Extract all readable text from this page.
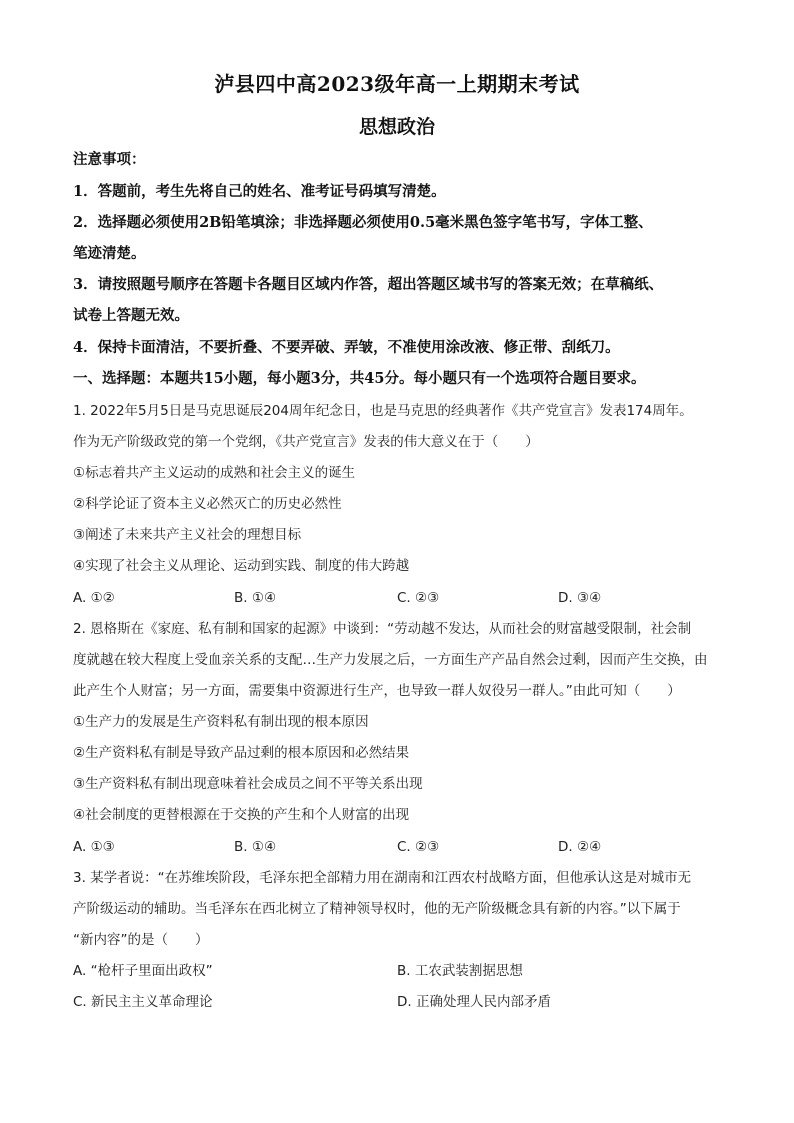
泸县四中高2023级年高一上期期末考试
思想政治

注意事项：

1．答题前，考生先将自己的姓名、准考证号码填写清楚。

2．选择题必须使用2B铅笔填涂；非选择题必须使用0.5毫米黑色签字笔书写，字体工整、

笔迹清楚。

3．请按照题号顺序在答题卡各题目区域内作答，超出答题区域书写的答案无效；在草稿纸、

试卷上答题无效。

4．保持卡面清洁，不要折叠、不要弄破、弄皱，不准使用涂改液、修正带、刮纸刀。

一、选择题：本题共15小题，每小题3分，共45分。每小题只有一个选项符合题目要求。

1. 2022年5月5日是马克思诞辰204周年纪念日，也是马克思的经典著作《共产党宣言》发表174周年。

作为无产阶级政党的第一个党纲，《共产党宣言》发表的伟大意义在于（　　）

①标志着共产主义运动的成熟和社会主义的诞生

②科学论证了资本主义必然灭亡的历史必然性

③阐述了未来共产主义社会的理想目标

④实现了社会主义从理论、运动到实践、制度的伟大跨越

A. ①②	B. ①④	C. ②③	D. ③④

2. 恩格斯在《家庭、私有制和国家的起源》中谈到：“劳动越不发达，从而社会的财富越受限制，社会制

度就越在较大程度上受血亲关系的支配…生产力发展之后，一方面生产产品自然会过剩，因而产生交换，由

此产生个人财富；另一方面，需要集中资源进行生产，也导致一群人奴役另一群人。”由此可知（　　）

①生产力的发展是生产资料私有制出现的根本原因

②生产资料私有制是导致产品过剩的根本原因和必然结果

③生产资料私有制出现意味着社会成员之间不平等关系出现

④社会制度的更替根源在于交换的产生和个人财富的出现

A. ①③	B. ①④	C. ②③	D. ②④

3. 某学者说：“在苏维埃阶段，毛泽东把全部精力用在湖南和江西农村战略方面，但他承认这是对城市无

产阶级运动的辅助。当毛泽东在西北树立了精神领导权时，他的无产阶级概念具有新的内容。”以下属于

“新内容”的是（　　）

A. “枪杆子里面出政权”	B. 工农武装割据思想

C. 新民主主义革命理论	D. 正确处理人民内部矛盾
